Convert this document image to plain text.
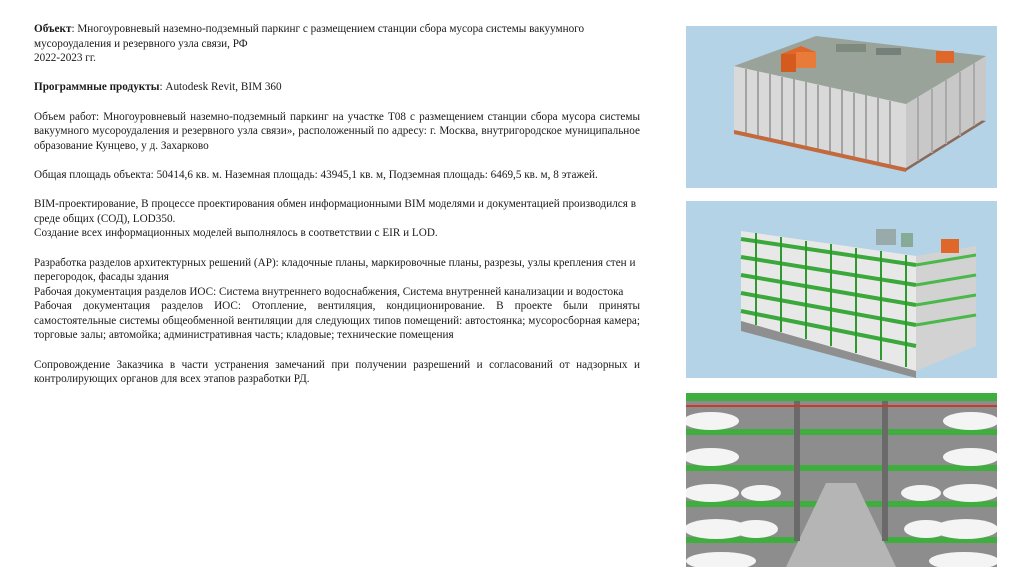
Объект: Многоуровневый наземно-подземный паркинг с размещением станции сбора мусора системы вакуумного мусороудаления и резервного узла связи, РФ

2022-2023 гг.

Программные продукты: Autodesk Revit, BIM 360

Объем работ: Многоуровневый наземно-подземный паркинг на участке Т08 с размещением станции сбора мусора системы вакуумного мусороудаления и резервного узла связи», расположенный по адресу: г. Москва, внутригородское муниципальное образование Кунцево, у д. Захарково

Общая площадь объекта: 50414,6 кв. м. Наземная площадь: 43945,1 кв. м, Подземная площадь: 6469,5 кв. м, 8 этажей.

BIM-проектирование, В процессе проектирования обмен информационными BIM моделями и документацией производился в среде общих (СОД), LOD350.

Создание всех информационных моделей выполнялось в соответствии с EIR и LOD.

Разработка разделов архитектурных решений (АР): кладочные планы, маркировочные планы, разрезы, узлы крепления стен и перегородок, фасады здания

Рабочая документация разделов ИОС: Система внутреннего водоснабжения, Система внутренней канализации и водостока

Рабочая документация разделов ИОС: Отопление, вентиляция, кондиционирование. В проекте были приняты самостоятельные системы общеобменной вентиляции для следующих типов помещений: автостоянка; мусоросборная камера; торговые залы; автомойка; административная часть; кладовые; технические помещения

Сопровождение Заказчика в части устранения замечаний при получении разрешений и согласований от надзорных и контролирующих органов для всех этапов разработки РД.
